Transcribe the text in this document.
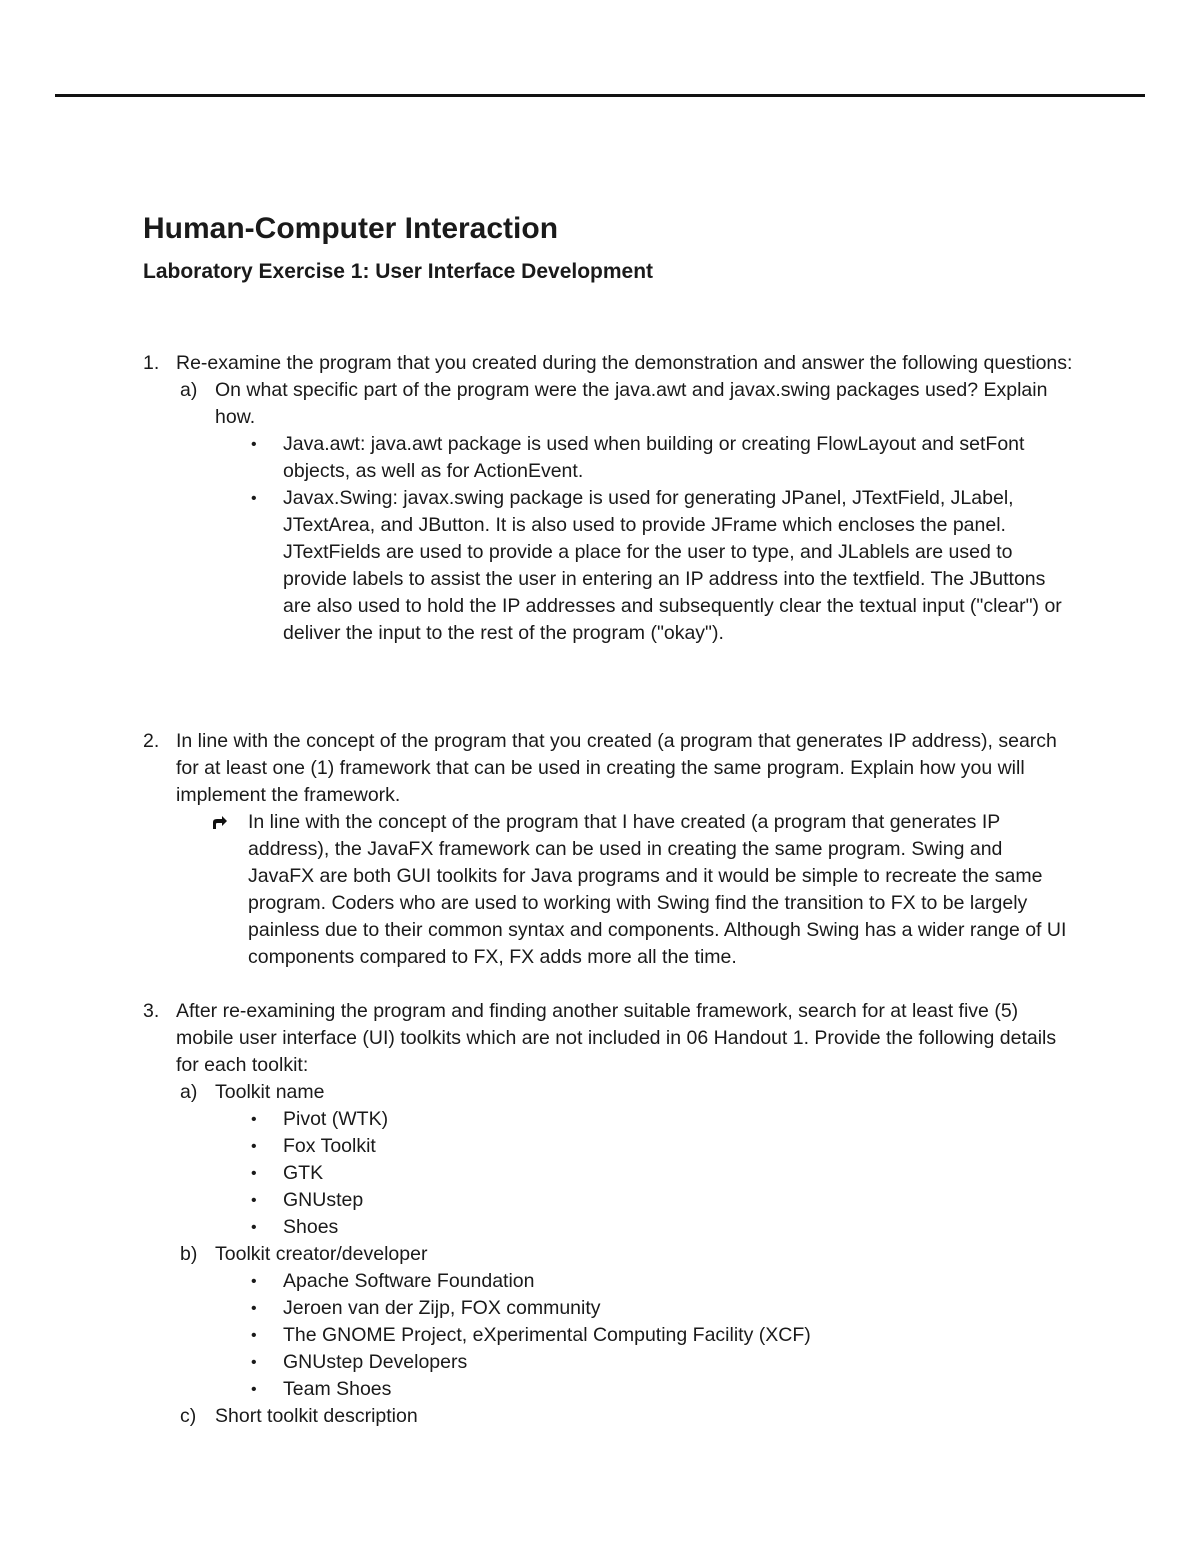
Human-Computer Interaction
Laboratory Exercise 1: User Interface Development
1. Re-examine the program that you created during the demonstration and answer the following questions:
a) On what specific part of the program were the java.awt and javax.swing packages used? Explain how.
• Java.awt: java.awt package is used when building or creating FlowLayout and setFont objects, as well as for ActionEvent.
• Javax.Swing: javax.swing package is used for generating JPanel, JTextField, JLabel, JTextArea, and JButton. It is also used to provide JFrame which encloses the panel. JTextFields are used to provide a place for the user to type, and JLablels are used to provide labels to assist the user in entering an IP address into the textfield. The JButtons are also used to hold the IP addresses and subsequently clear the textual input ("clear") or deliver the input to the rest of the program ("okay").
2. In line with the concept of the program that you created (a program that generates IP address), search for at least one (1) framework that can be used in creating the same program. Explain how you will implement the framework.
In line with the concept of the program that I have created (a program that generates IP address), the JavaFX framework can be used in creating the same program. Swing and JavaFX are both GUI toolkits for Java programs and it would be simple to recreate the same program. Coders who are used to working with Swing find the transition to FX to be largely painless due to their common syntax and components. Although Swing has a wider range of UI components compared to FX, FX adds more all the time.
3. After re-examining the program and finding another suitable framework, search for at least five (5) mobile user interface (UI) toolkits which are not included in 06 Handout 1. Provide the following details for each toolkit:
a) Toolkit name
• Pivot (WTK)
• Fox Toolkit
• GTK
• GNUstep
• Shoes
b) Toolkit creator/developer
• Apache Software Foundation
• Jeroen van der Zijp, FOX community
• The GNOME Project, eXperimental Computing Facility (XCF)
• GNUstep Developers
• Team Shoes
c) Short toolkit description
